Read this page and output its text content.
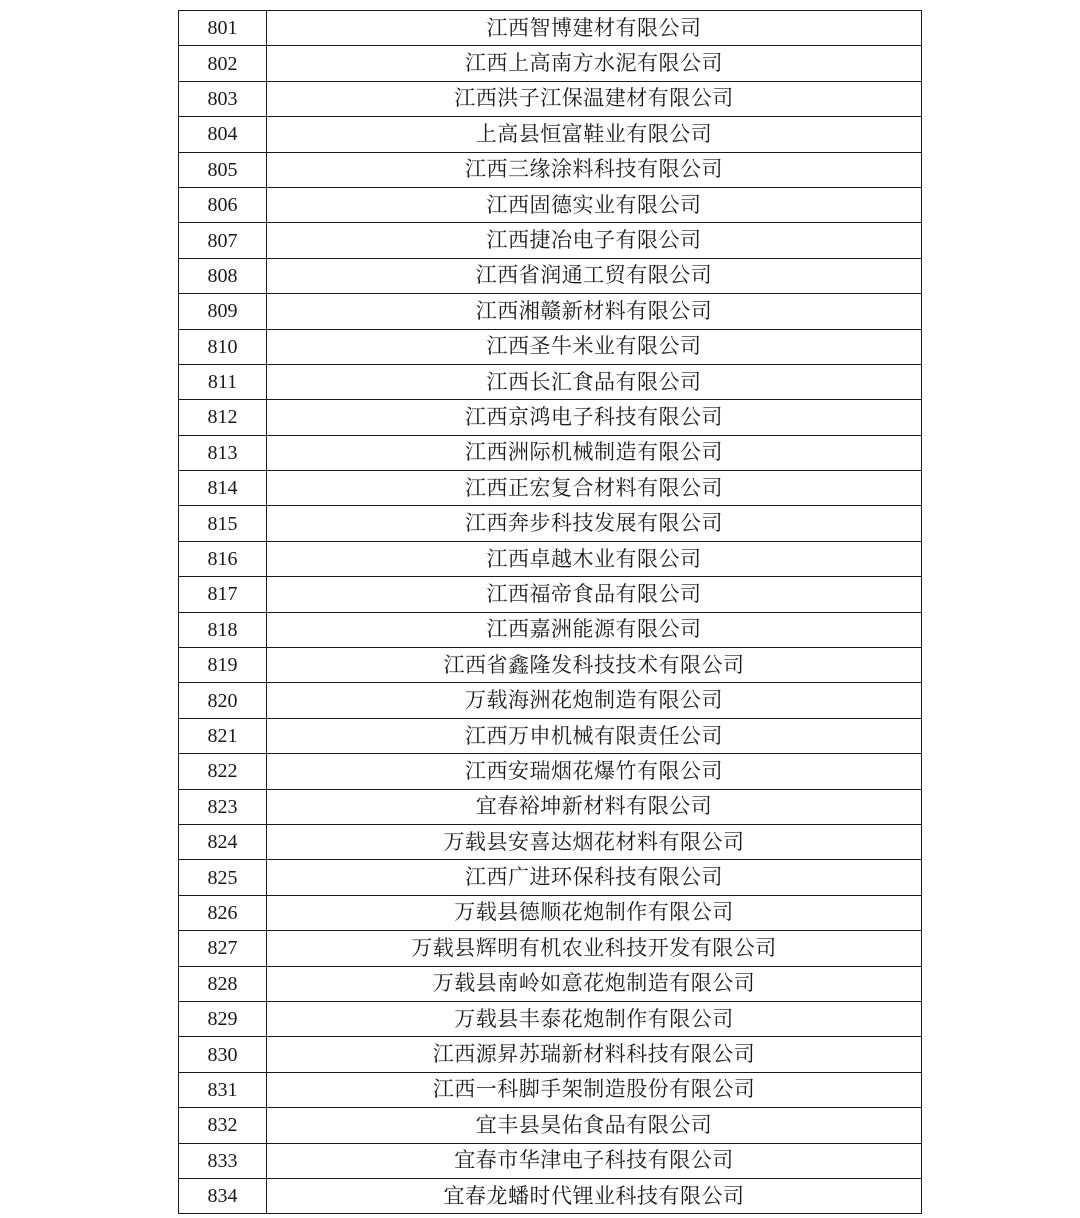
801	江西智博建材有限公司
802	江西上高南方水泥有限公司
803	江西洪子江保温建材有限公司
804	上高县恒富鞋业有限公司
805	江西三缘涂料科技有限公司
806	江西固德实业有限公司
807	江西捷冶电子有限公司
808	江西省润通工贸有限公司
809	江西湘赣新材料有限公司
810	江西圣牛米业有限公司
811	江西长汇食品有限公司
812	江西京鸿电子科技有限公司
813	江西洲际机械制造有限公司
814	江西正宏复合材料有限公司
815	江西奔步科技发展有限公司
816	江西卓越木业有限公司
817	江西福帝食品有限公司
818	江西嘉洲能源有限公司
819	江西省鑫隆发科技技术有限公司
820	万载海洲花炮制造有限公司
821	江西万申机械有限责任公司
822	江西安瑞烟花爆竹有限公司
823	宜春裕坤新材料有限公司
824	万载县安喜达烟花材料有限公司
825	江西广进环保科技有限公司
826	万载县德顺花炮制作有限公司
827	万载县辉明有机农业科技开发有限公司
828	万载县南岭如意花炮制造有限公司
829	万载县丰泰花炮制作有限公司
830	江西源昇苏瑞新材料科技有限公司
831	江西一科脚手架制造股份有限公司
832	宜丰县昊佑食品有限公司
833	宜春市华津电子科技有限公司
834	宜春龙蟠时代锂业科技有限公司
